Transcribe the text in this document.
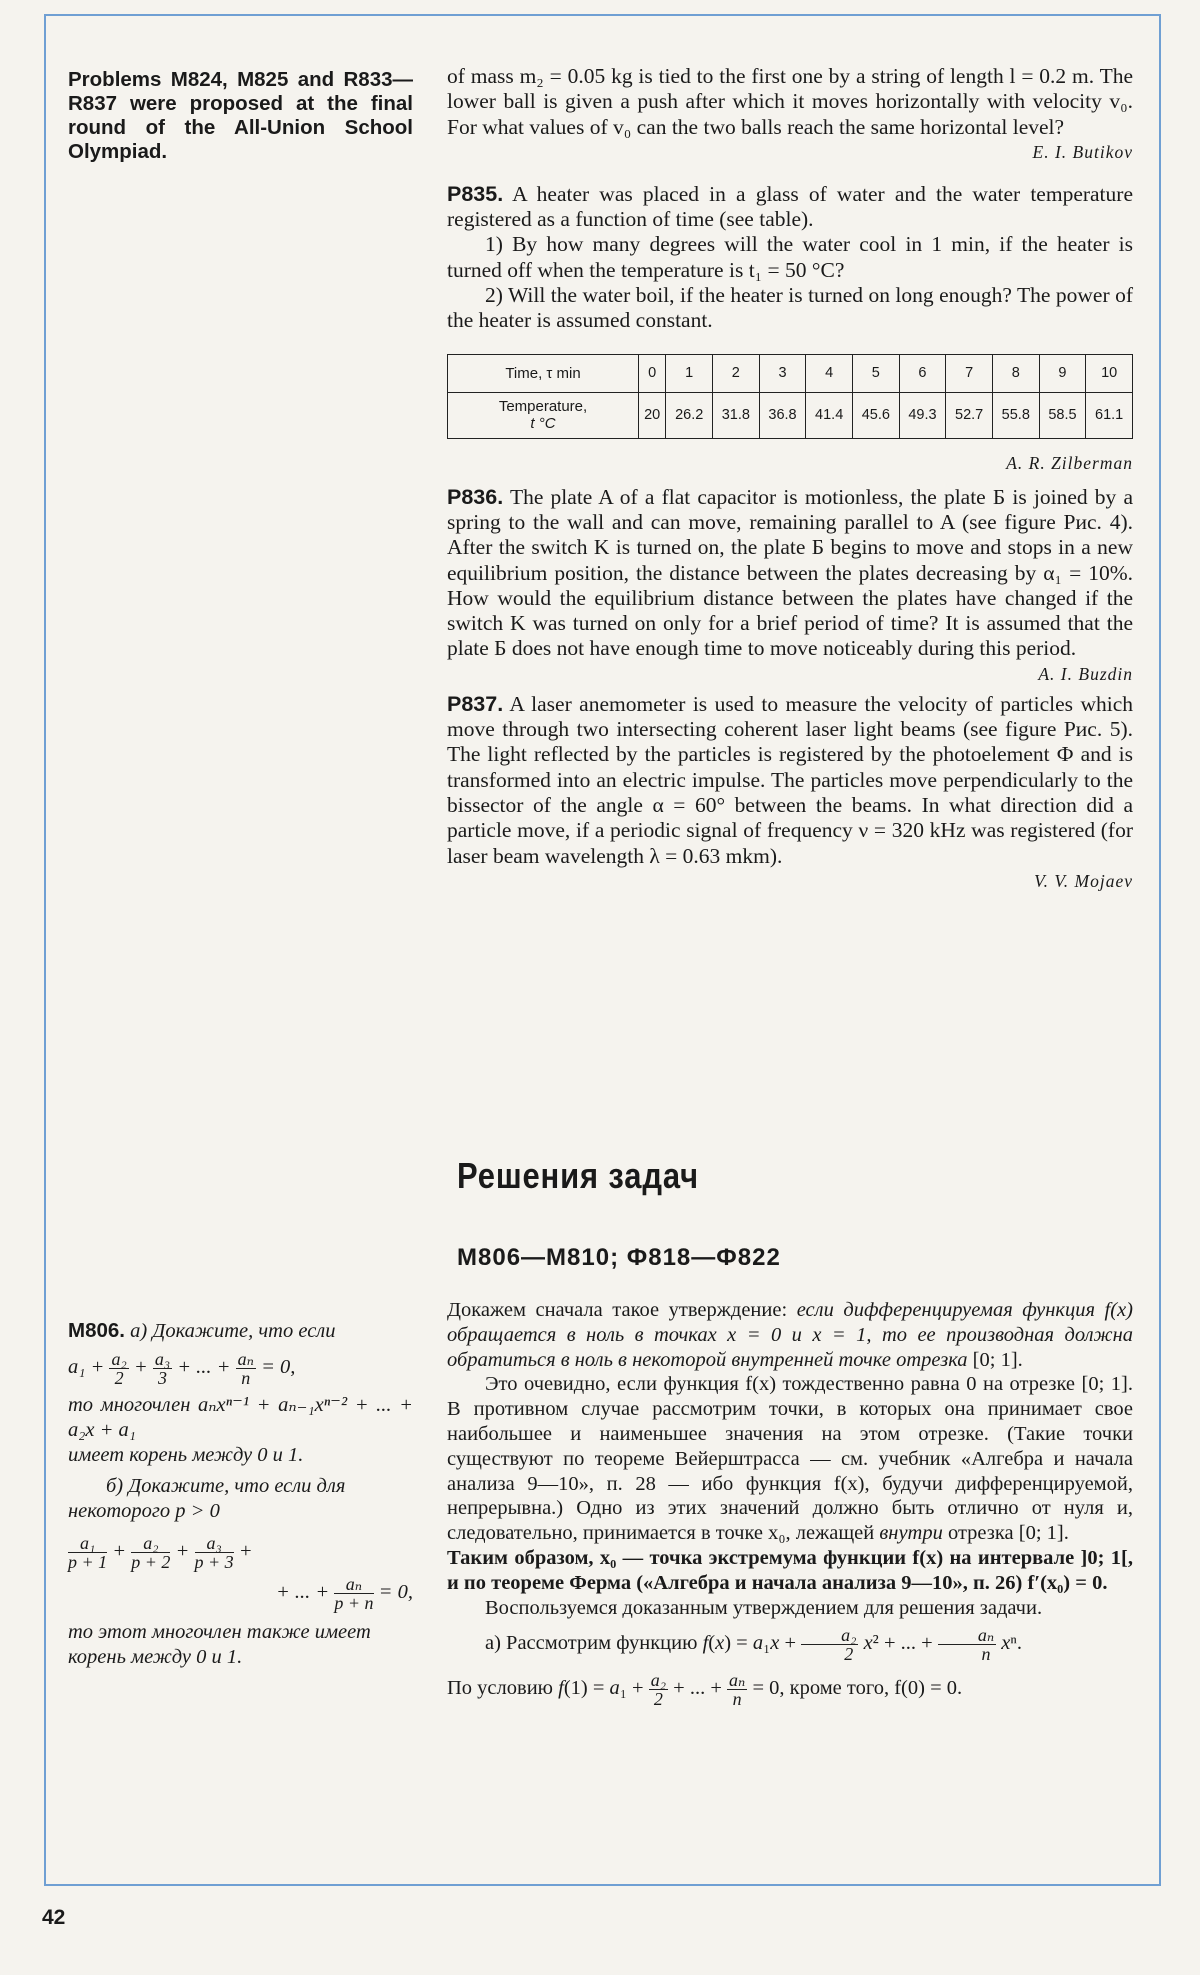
Problems M824, M825 and R833—R837 were proposed at the final round of the All-Union School Olympiad.

of mass m₂ = 0.05 kg is tied to the first one by a string of length l = 0.2 m. The lower ball is given a push after which it moves horizontally with velocity v₀. For what values of v₀ can the two balls reach the same horizontal level?

E. I. Butikov

P835. A heater was placed in a glass of water and the water temperature registered as a function of time (see table).

1) By how many degrees will the water cool in 1 min, if the heater is turned off when the temperature is t₁ = 50 °C?

2) Will the water boil, if the heater is turned on long enough? The power of the heater is assumed constant.

Time, τ min	0	1	2	3	4	5	6	7	8	9	10
Temperature,
t °C	20	26.2	31.8	36.8	41.4	45.6	49.3	52.7	55.8	58.5	61.1

A. R. Zilberman

P836. The plate A of a flat capacitor is motionless, the plate Б is joined by a spring to the wall and can move, remaining parallel to A (see figure Рис. 4). After the switch K is turned on, the plate Б begins to move and stops in a new equilibrium position, the distance between the plates decreasing by α₁ = 10%. How would the equilibrium distance between the plates have changed if the switch K was turned on only for a brief period of time? It is assumed that the plate Б does not have enough time to move noticeably during this period.

A. I. Buzdin

P837. A laser anemometer is used to measure the velocity of particles which move through two intersecting coherent laser light beams (see figure Рис. 5). The light reflected by the particles is registered by the photoelement Ф and is transformed into an electric impulse. The particles move perpendicularly to the bissector of the angle α = 60° between the beams. In what direction did a particle move, if a periodic signal of frequency ν = 320 kHz was registered (for laser beam wavelength λ = 0.63 mkm).

V. V. Mojaev

Решения задач
M806—M810; Ф818—Ф822

M806. а) Докажите, что если

$a_1 + \frac{\text{a₂}}{2} + \frac{\text{a₃}}{3}$ + ... + $\frac{\text{aₙ}}{n} = 0$,

то многочлен aₙxⁿ⁻¹ + aₙ₋₁xⁿ⁻² + ... + a₂x + a₁

имеет корень между 0 и 1.

б) Докажите, что если для некоторого p > 0

$\frac{\text{a₁}}{p + 1} + \frac{\text{a₂}}{p + 2} + \frac{\text{a₃}}{p + 3}$ +

+ ... + $\frac{\text{aₙ}}{p + n} = 0$,

то этот многочлен также имеет корень между 0 и 1.

Докажем сначала такое утверждение: если дифференцируемая функция f(x) обращается в ноль в точках x = 0 и x = 1, то ее производная должна обратиться в ноль в некоторой внутренней точке отрезка [0; 1].

Это очевидно, если функция f(x) тождественно равна 0 на отрезке [0; 1]. В противном случае рассмотрим точки, в которых она принимает свое наибольшее и наименьшее значения на этом отрезке. (Такие точки существуют по теореме Вейерштрасса — см. учебник «Алгебра и начала анализа 9—10», п. 28 — ибо функция f(x), будучи дифференцируемой, непрерывна.) Одно из этих значений должно быть отлично от нуля и, следовательно, принимается в точке x₀, лежащей внутри отрезка [0; 1].

Таким образом, x₀ — точка экстремума функции f(x) на интервале ]0; 1[, и по теореме Ферма («Алгебра и начала анализа 9—10», п. 26) f′(x₀) = 0.

Воспользуемся доказанным утверждением для решения задачи.

а) Рассмотрим функцию $f(x) = a_1x + \frac{\text{a₂}}{2} x^2$ + ... + $\frac{\text{aₙ}}{n} x^n$.

По условию $f(1) = a_1 + \frac{\text{a₂}}{2}$ + ... + $\frac{\text{aₙ}}{n} = 0$, кроме того, f(0) = 0.

42
